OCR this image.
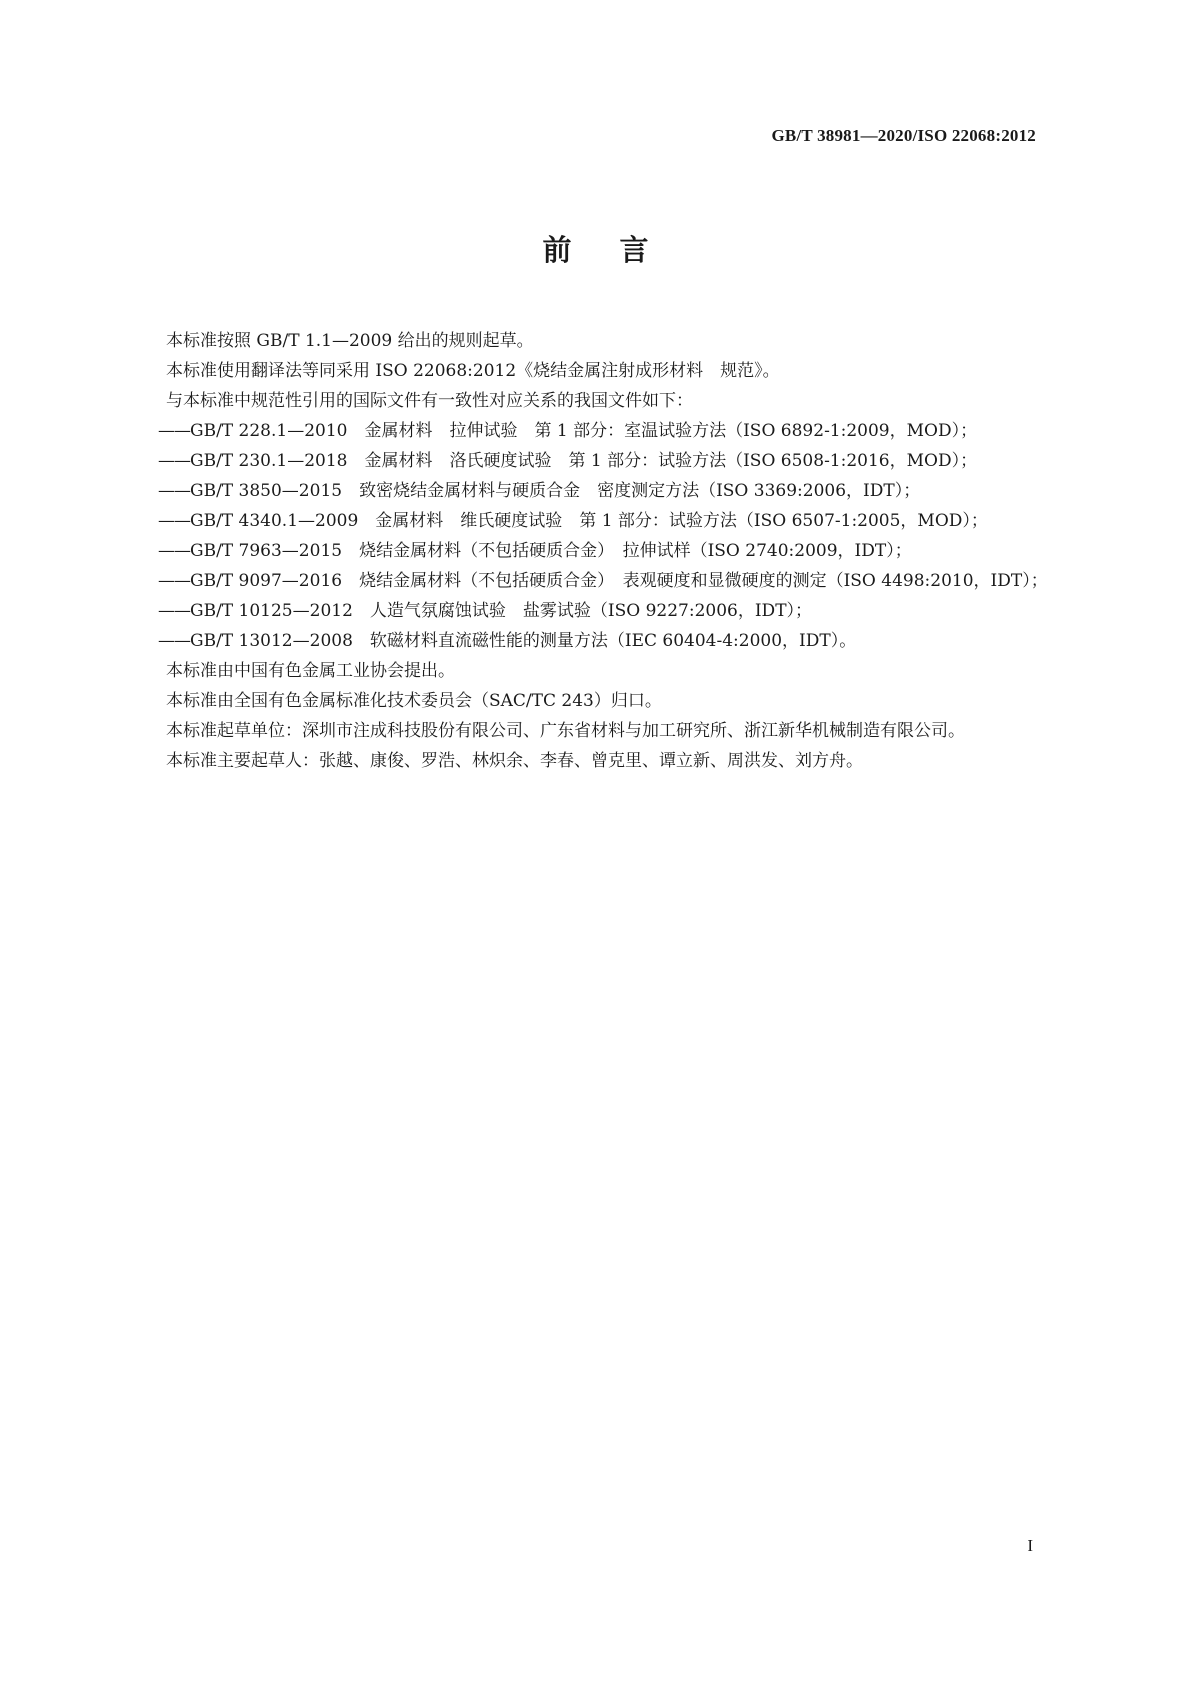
GB/T 38981—2020/ISO 22068:2012
前言

本标准按照 GB/T 1.1—2009 给出的规则起草。

本标准使用翻译法等同采用 ISO 22068:2012《烧结金属注射成形材料　规范》。

与本标准中规范性引用的国际文件有一致性对应关系的我国文件如下：

——GB/T 228.1—2010　金属材料　拉伸试验　第 1 部分：室温试验方法（ISO 6892-1:2009，MOD）；

——GB/T 230.1—2018　金属材料　洛氏硬度试验　第 1 部分：试验方法（ISO 6508-1:2016，MOD）；

——GB/T 3850—2015　致密烧结金属材料与硬质合金　密度测定方法（ISO 3369:2006，IDT）；

——GB/T 4340.1—2009　金属材料　维氏硬度试验　第 1 部分：试验方法（ISO 6507-1:2005，MOD）；

——GB/T 7963—2015　烧结金属材料（不包括硬质合金）　拉伸试样（ISO 2740:2009，IDT）；

——GB/T 9097—2016　烧结金属材料（不包括硬质合金）　表观硬度和显微硬度的测定（ISO 4498:2010，IDT）；

——GB/T 10125—2012　人造气氛腐蚀试验　盐雾试验（ISO 9227:2006，IDT）；

——GB/T 13012—2008　软磁材料直流磁性能的测量方法（IEC 60404-4:2000，IDT）。

本标准由中国有色金属工业协会提出。

本标准由全国有色金属标准化技术委员会（SAC/TC 243）归口。

本标准起草单位：深圳市注成科技股份有限公司、广东省材料与加工研究所、浙江新华机械制造有限公司。

本标准主要起草人：张越、康俊、罗浩、林炽余、李春、曾克里、谭立新、周洪发、刘方舟。

I
